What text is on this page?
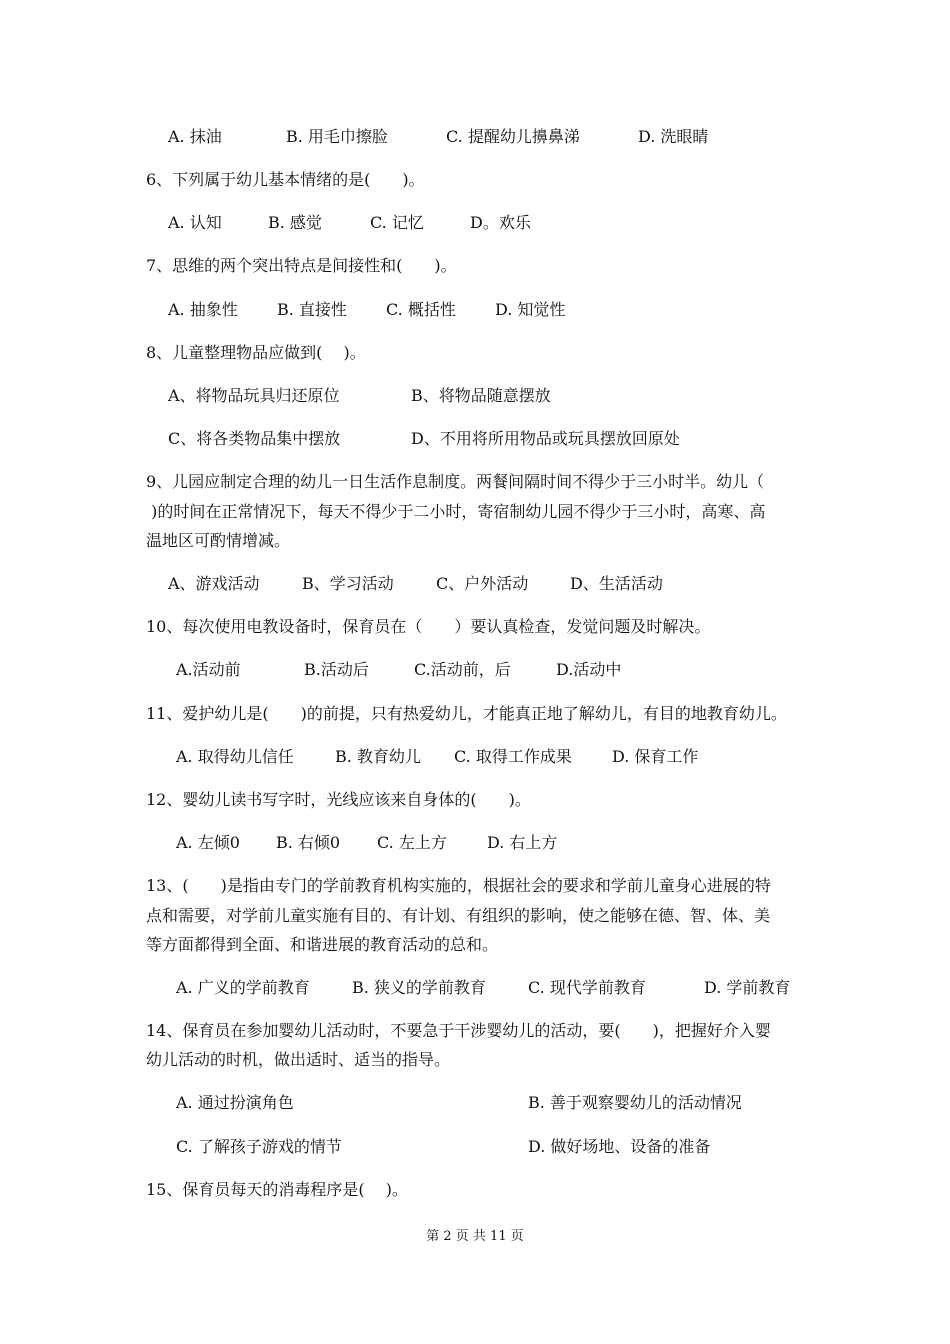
A. 抹油	B. 用毛巾擦脸	C. 提醒幼儿擤鼻涕	D. 洗眼睛
6、下列属于幼儿基本情绪的是(　　)。
A. 认知	B. 感觉	C. 记忆	D。欢乐
7、思维的两个突出特点是间接性和(　　)。
A. 抽象性 B. 直接性 C. 概括性 D. 知觉性
8、儿童整理物品应做到(　 )。
A、将物品玩具归还原位	B、将物品随意摆放
C、将各类物品集中摆放	D、不用将所用物品或玩具摆放回原处
9、儿园应制定合理的幼儿一日生活作息制度。两餐间隔时间不得少于三小时半。幼儿（
)的时间在正常情况下，每天不得少于二小时，寄宿制幼儿园不得少于三小时，高寒、高
温地区可酌情增减。
A、游戏活动	B、学习活动	C、户外活动	D、生活活动
10、每次使用电教设备时，保育员在（　　）要认真检查，发觉问题及时解决。
A.活动前	B.活动后	C.活动前，后	D.活动中
11、爱护幼儿是(　　)的前提，只有热爱幼儿，才能真正地了解幼儿，有目的地教育幼儿。
A. 取得幼儿信任	B. 教育幼儿 C. 取得工作成果	D. 保育工作
12、婴幼儿读书写字时，光线应该来自身体的(　　)。
A. 左倾0 B. 右倾0 C. 左上方	D. 右上方
13、(　　)是指由专门的学前教育机构实施的，根据社会的要求和学前儿童身心进展的特
点和需要，对学前儿童实施有目的、有计划、有组织的影响，使之能够在德、智、体、美
等方面都得到全面、和谐进展的教育活动的总和。
A. 广义的学前教育	B. 狭义的学前教育	C. 现代学前教育	D. 学前教育
14、保育员在参加婴幼儿活动时，不要急于干涉婴幼儿的活动，要(　　)，把握好介入婴
幼儿活动的时机，做出适时、适当的指导。
A. 通过扮演角色	B. 善于观察婴幼儿的活动情况
C. 了解孩子游戏的情节	D. 做好场地、设备的准备
15、保育员每天的消毒程序是(　 )。
第 2 页 共 11 页
